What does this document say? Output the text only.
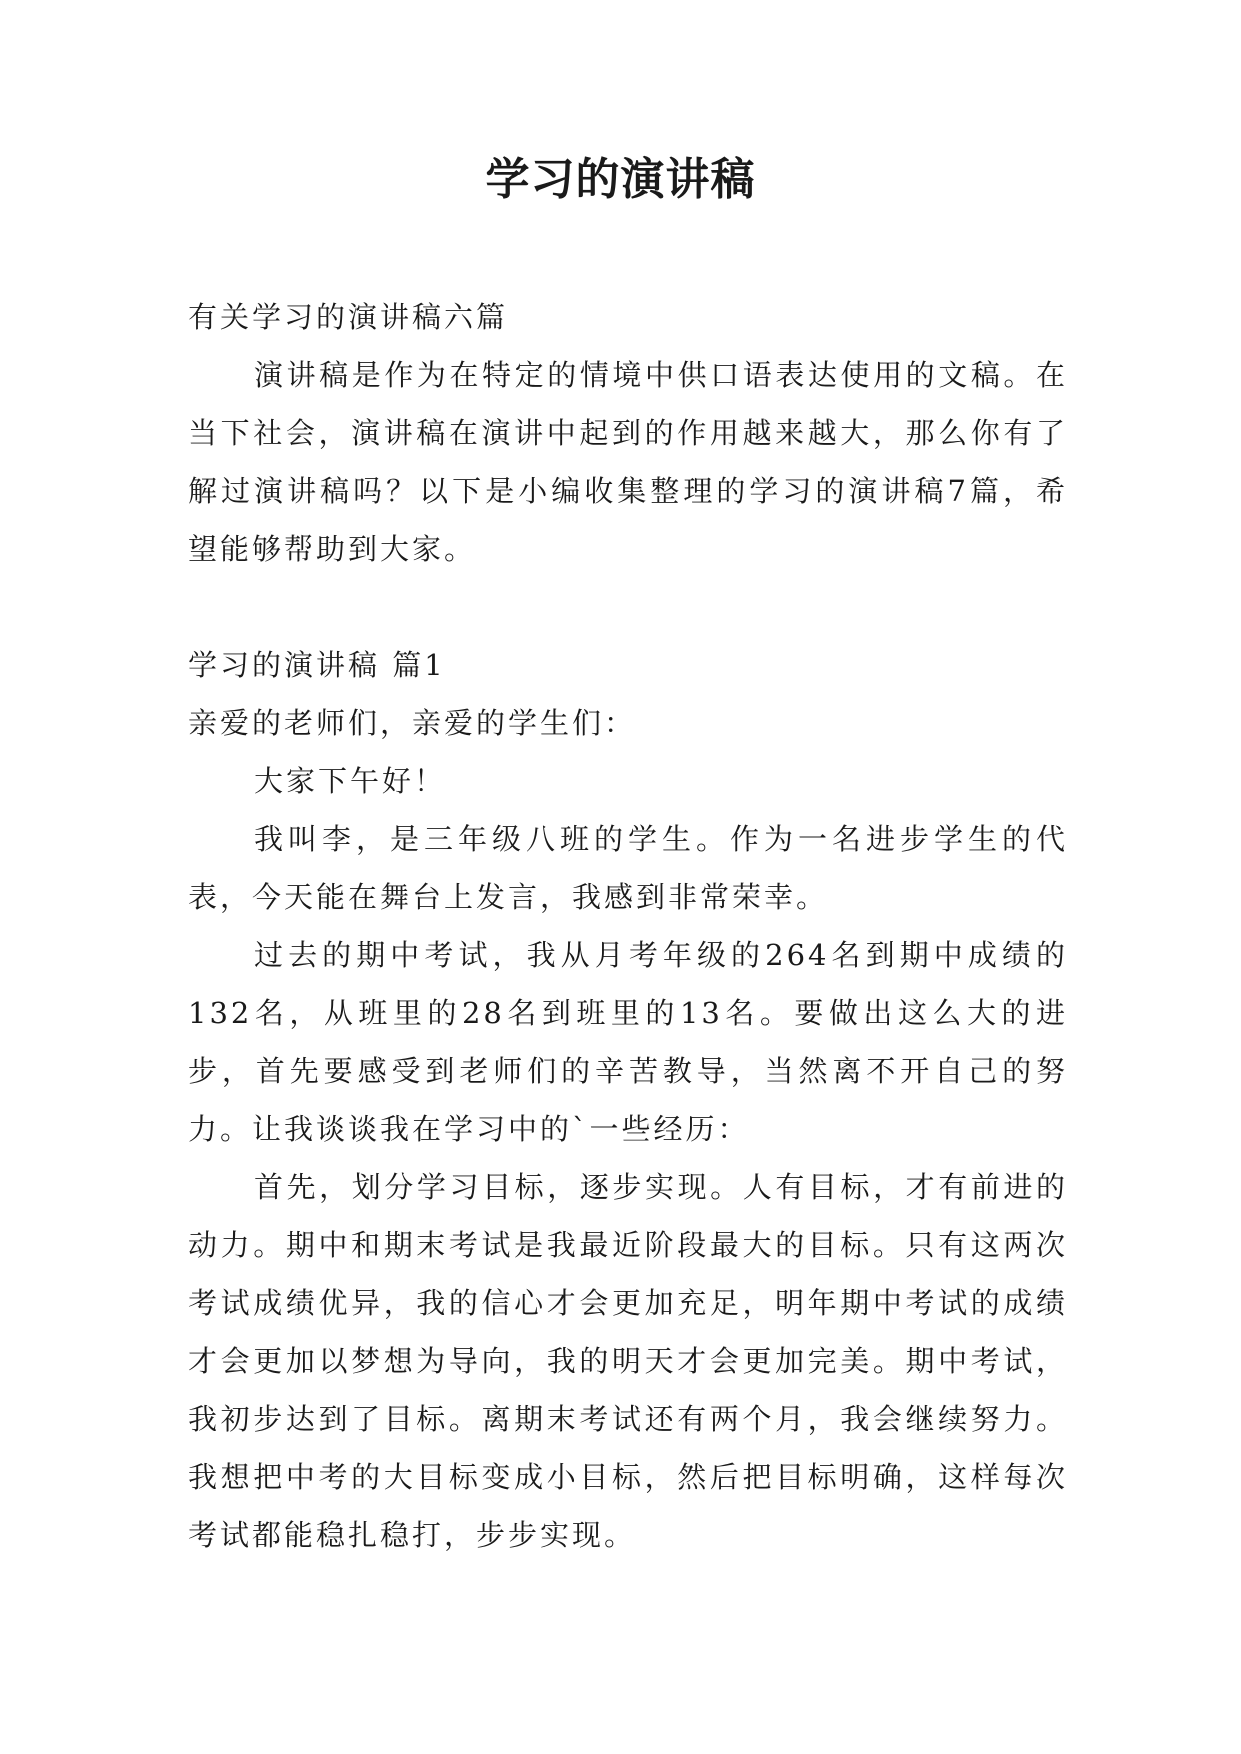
学习的演讲稿

有关学习的演讲稿六篇

演讲稿是作为在特定的情境中供口语表达使用的文稿。在当下社会，演讲稿在演讲中起到的作用越来越大，那么你有了解过演讲稿吗？以下是小编收集整理的学习的演讲稿7篇，希望能够帮助到大家。

学习的演讲稿 篇1

亲爱的老师们，亲爱的学生们：

大家下午好！

我叫李，是三年级八班的学生。作为一名进步学生的代表，今天能在舞台上发言，我感到非常荣幸。

过去的期中考试，我从月考年级的264名到期中成绩的132名，从班里的28名到班里的13名。要做出这么大的进步，首先要感受到老师们的辛苦教导，当然离不开自己的努力。让我谈谈我在学习中的`一些经历：

首先，划分学习目标，逐步实现。人有目标，才有前进的动力。期中和期末考试是我最近阶段最大的目标。只有这两次考试成绩优异，我的信心才会更加充足，明年期中考试的成绩才会更加以梦想为导向，我的明天才会更加完美。期中考试，我初步达到了目标。离期末考试还有两个月，我会继续努力。我想把中考的大目标变成小目标，然后把目标明确，这样每次考试都能稳扎稳打，步步实现。
